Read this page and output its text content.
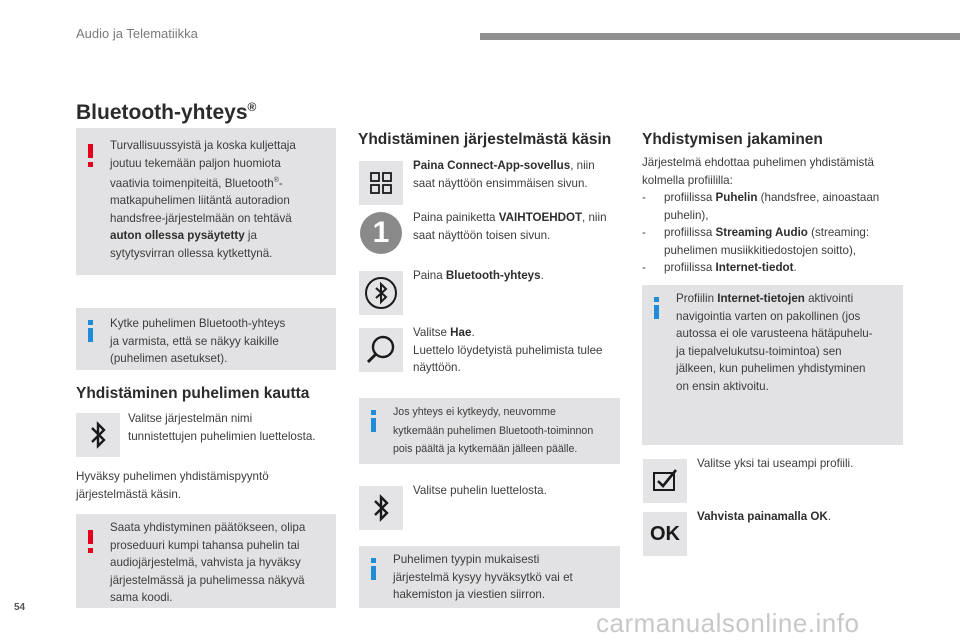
Audio ja Telematiikka
Bluetooth-yhteys®
Turvallisuussyistä ja koska kuljettaja
joutuu tekemään paljon huomiota
vaativia toimenpiteitä, Bluetooth®-
matkapuhelimen liitäntä autoradion
handsfree-järjestelmään on tehtävä
auton ollessa pysäytetty ja
sytytysvirran ollessa kytkettynä.
Kytke puhelimen Bluetooth-yhteys
ja varmista, että se näkyy kaikille
(puhelimen asetukset).
Yhdistäminen puhelimen kautta
Valitse järjestelmän nimi
tunnistettujen puhelimien luettelosta.
Hyväksy puhelimen yhdistämispyyntö
järjestelmästä käsin.
Saata yhdistyminen päätökseen, olipa
proseduuri kumpi tahansa puhelin tai
audiojärjestelmä, vahvista ja hyväksy
järjestelmässä ja puhelimessa näkyvä
sama koodi.
Yhdistäminen järjestelmästä käsin
Paina Connect-App-sovellus, niin
saat näyttöön ensimmäisen sivun.
1	Paina painiketta VAIHTOEHDOT, niin
saat näyttöön toisen sivun.
Paina Bluetooth-yhteys.
Valitse Hae.
Luettelo löydetyistä puhelimista tulee
näyttöön.
Jos yhteys ei kytkeydy, neuvomme
kytkemään puhelimen Bluetooth-toiminnon
pois päältä ja kytkemään jälleen päälle.
Valitse puhelin luettelosta.
Puhelimen tyypin mukaisesti
järjestelmä kysyy hyväksytkö vai et
hakemiston ja viestien siirron.
Yhdistymisen jakaminen
Järjestelmä ehdottaa puhelimen yhdistämistä
kolmella profiililla:
- profiilissa Puhelin (handsfree, ainoastaan
puhelin),
- profiilissa Streaming Audio (streaming:
puhelimen musiikkitiedostojen soitto),
- profiilissa Internet-tiedot.
Profiilin Internet-tietojen aktivointi
navigointia varten on pakollinen (jos
autossa ei ole varusteena hätäpuhelu-
ja tiepalvelukutsu-toimintoa) sen
jälkeen, kun puhelimen yhdistyminen
on ensin aktivoitu.
Valitse yksi tai useampi profiili.
OK
Vahvista painamalla OK.
54
carmanualsonline.info
